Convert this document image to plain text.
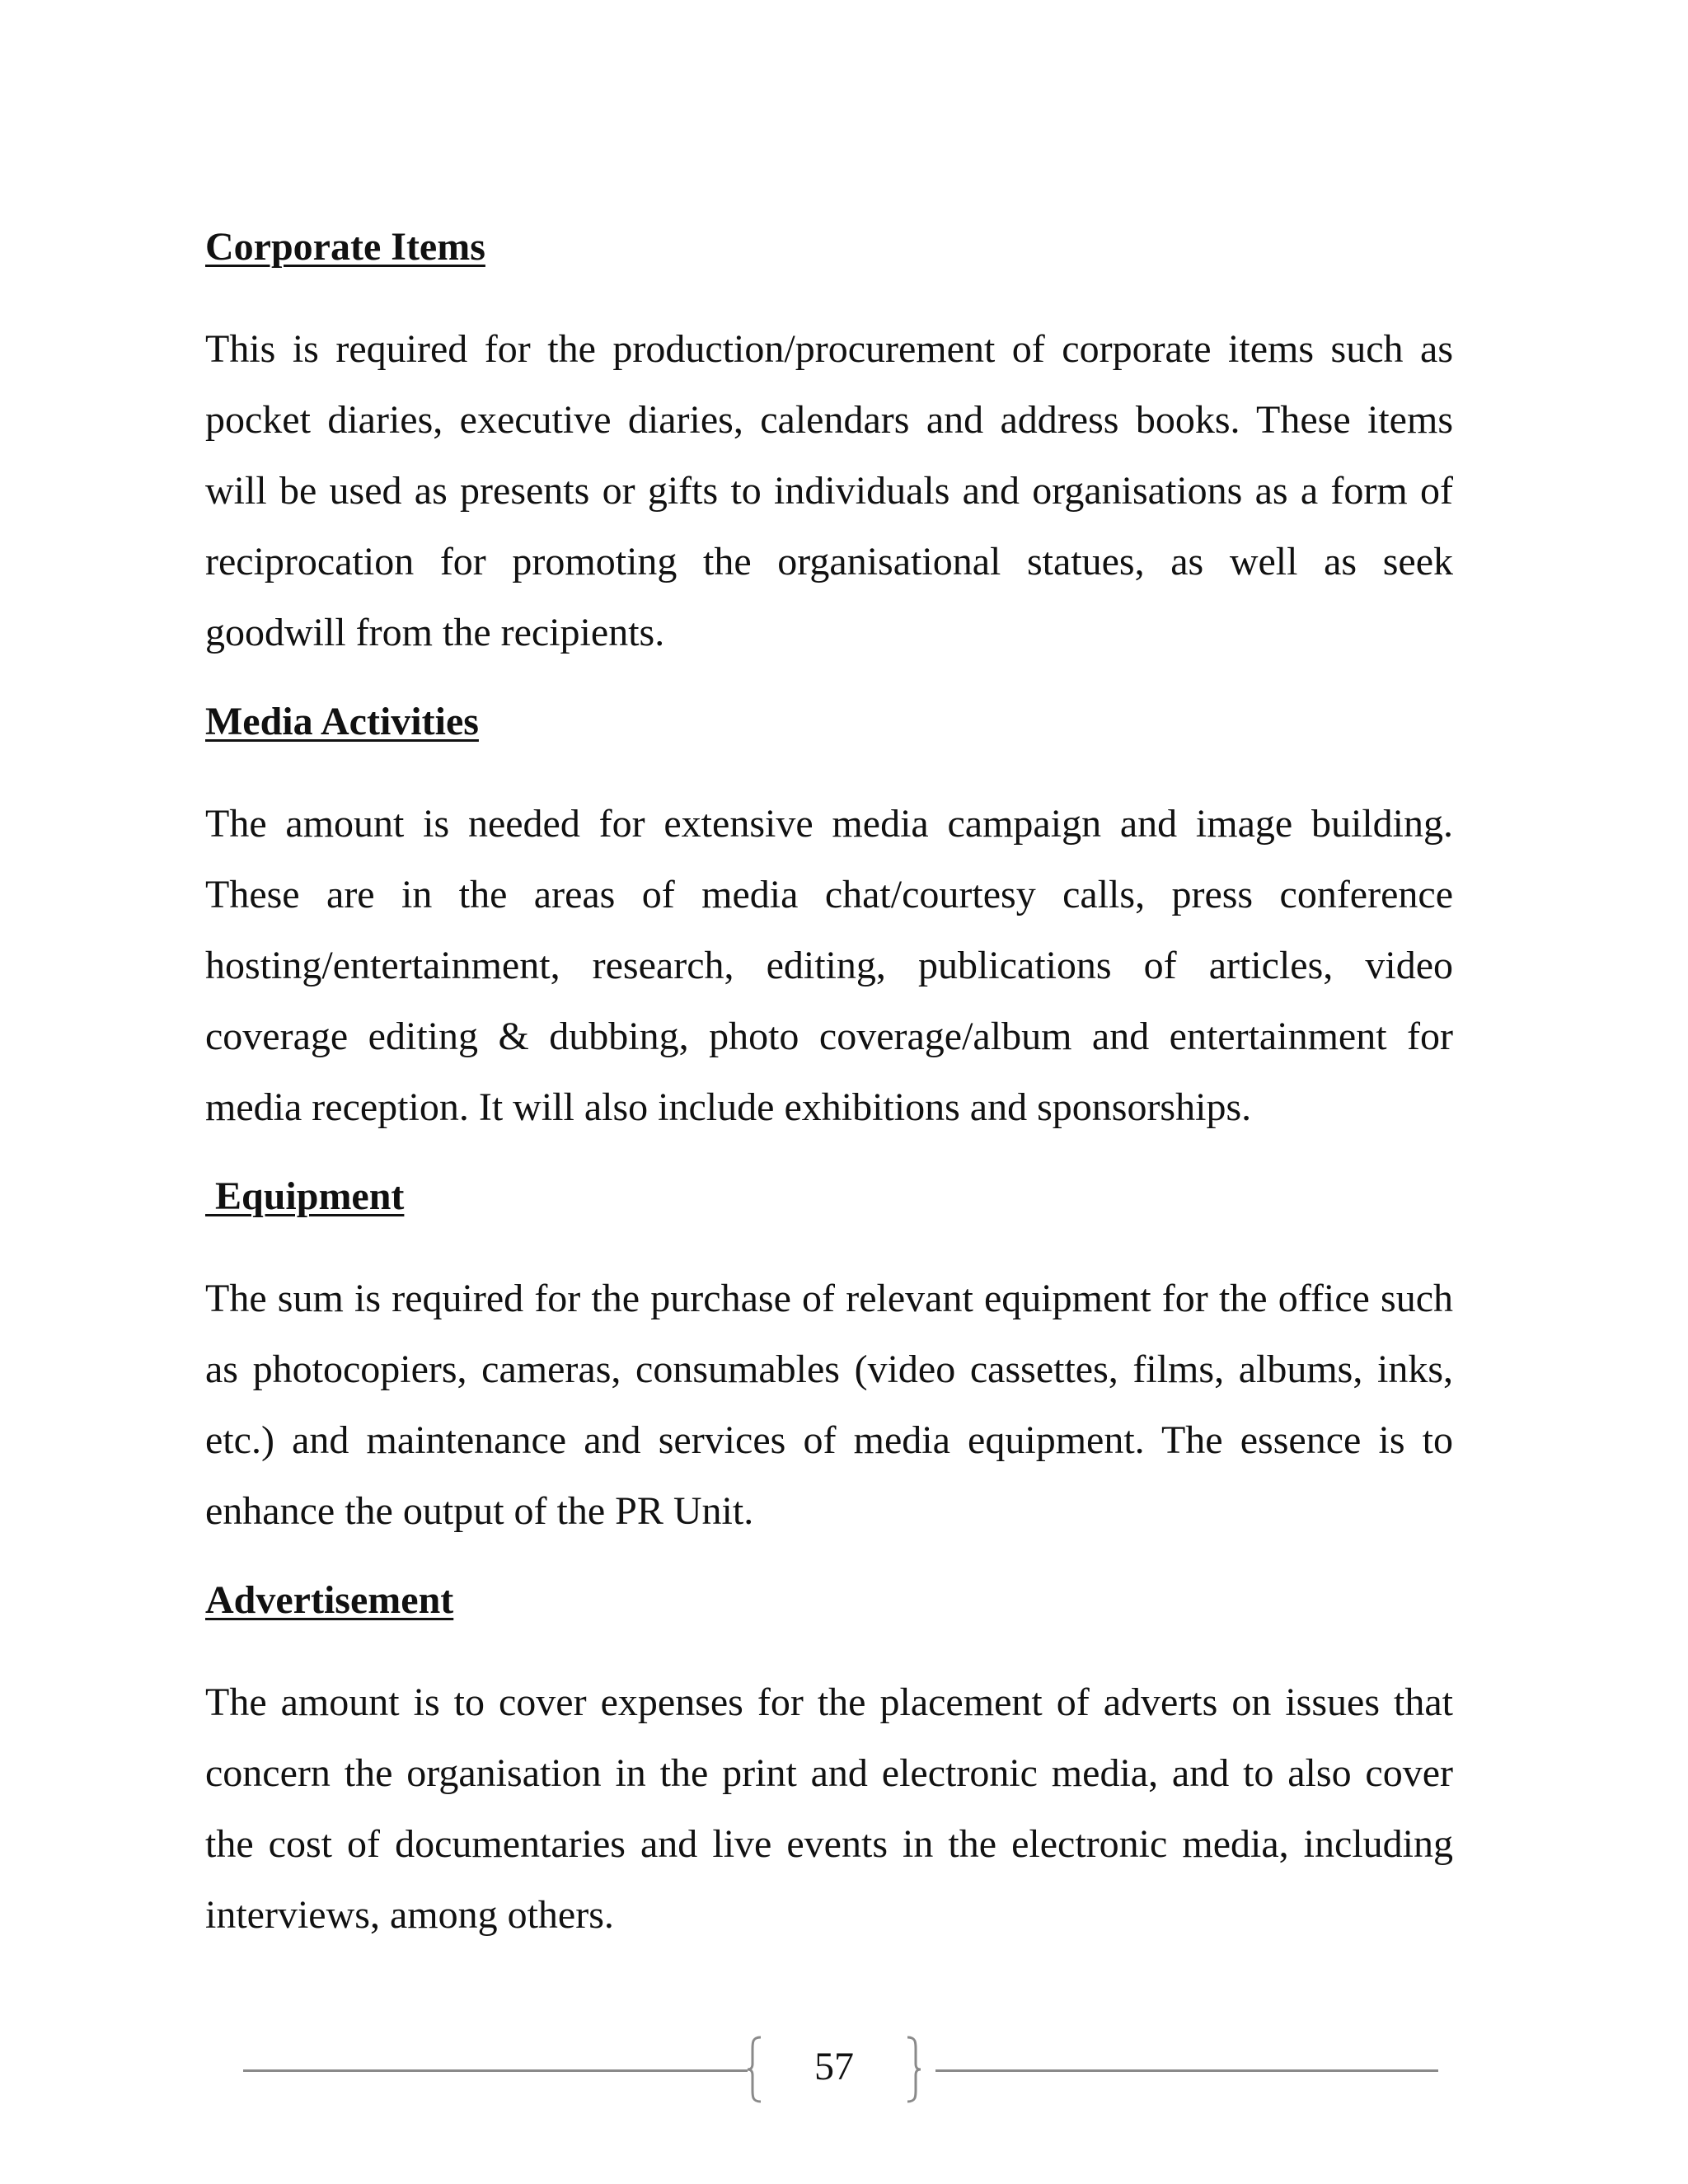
Corporate Items

This is required for the production/procurement of corporate items such as pocket diaries, executive diaries, calendars and address books. These items will be used as presents or gifts to individuals and organisations as a form of reciprocation for promoting the organisational statues, as well as seek goodwill from the recipients.

Media Activities

The amount is needed for extensive media campaign and image building. These are in the areas of media chat/courtesy calls, press conference hosting/entertainment, research, editing, publications of articles, video coverage editing & dubbing, photo coverage/album and entertainment for media reception. It will also include exhibitions and sponsorships.

Equipment

The sum is required for the purchase of relevant equipment for the office such as photocopiers, cameras, consumables (video cassettes, films, albums, inks, etc.) and maintenance and services of media equipment. The essence is to enhance the output of the PR Unit.

Advertisement

The amount is to cover expenses for the placement of adverts on issues that concern the organisation in the print and electronic media, and to also cover the cost of documentaries and live events in the electronic media, including interviews, among others.

57
